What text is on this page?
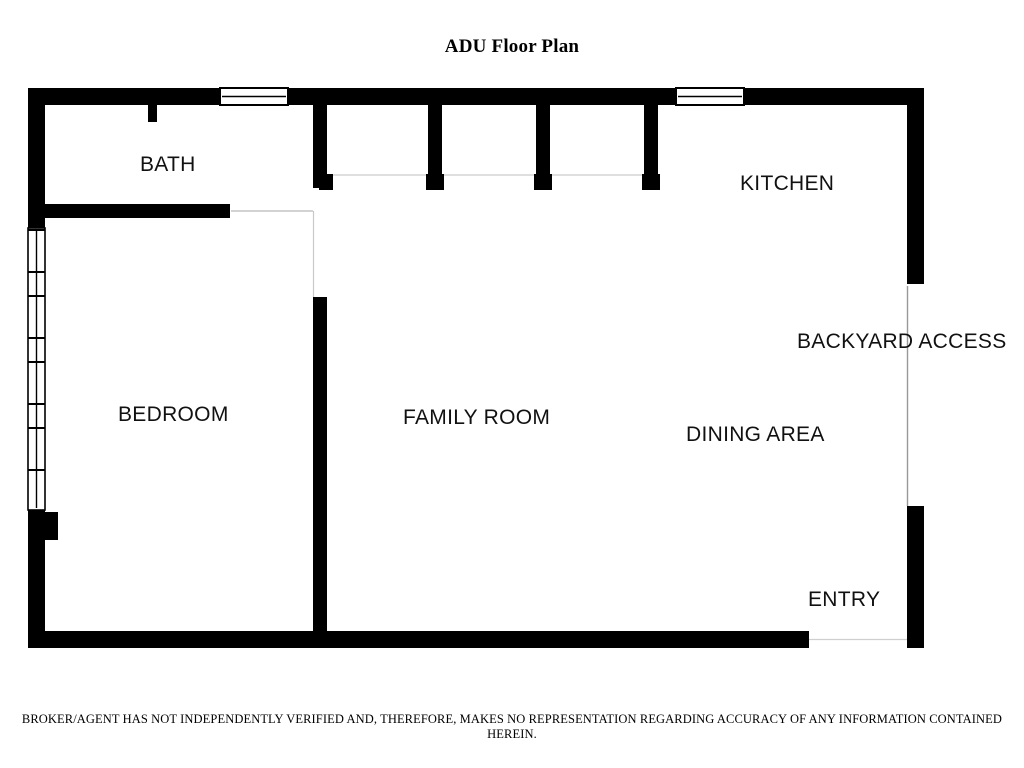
ADU Floor Plan
BATH
KITCHEN
BACKYARD ACCESS
BEDROOM	FAMILY ROOM
DINING AREA
ENTRY
BROKER/AGENT HAS NOT INDEPENDENTLY VERIFIED AND, THEREFORE, MAKES NO REPRESENTATION REGARDING ACCURACY OF ANY INFORMATION CONTAINED HEREIN.
